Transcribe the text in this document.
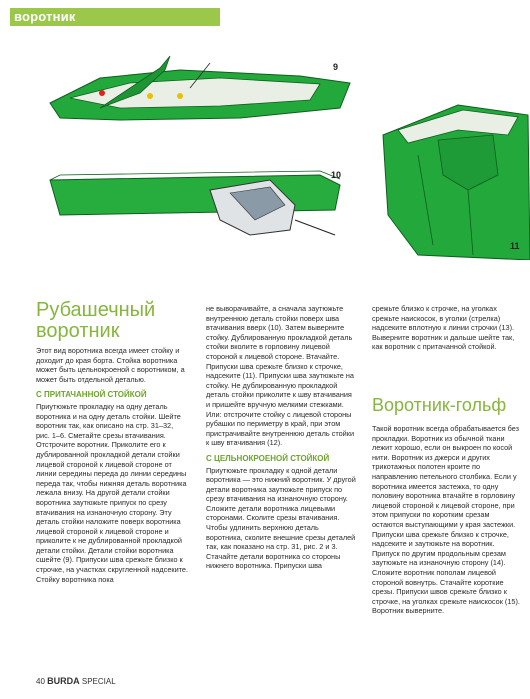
воротник
9
10
11
Рубашечный
воротник

Этот вид воротника всегда имеет стойку и доходит до края борта. Стойка воротника может быть цельнокроеной с воротником, а может быть отдельной деталью.

С ПРИТАЧАННОЙ СТОЙКОЙ

Приутюжьте прокладку на одну деталь воротника и на одну деталь стойки. Шейте воротник так, как описано на стр. 31–32, рис. 1–6. Сметайте срезы втачивания. Отстрочите воротник. Приколите его к дублированной прокладкой детали стойки лицевой стороной к лицевой стороне от линии середины переда до линии середины переда так, чтобы нижняя деталь воротника лежала внизу. На другой детали стойки воротника заутюжьте припуск по срезу втачивания на изнаночную сторону. Эту деталь стойки наложите поверх воротника лицевой стороной к лицевой стороне и приколите к не дублированной прокладкой детали стойки. Детали стойки воротника сшейте (9). Припуски шва срежьте близко к строчке, на участках скругленной надсеките. Стойку воротника пока

не выворачивайте, а сначала заутюжьте внутреннюю деталь стойки поверх шва втачивания вверх (10). Затем выверните стойку. Дублированную прокладкой деталь стойки вколите в горловину лицевой стороной к лицевой стороне. Втачайте. Припуски шва срежьте близко к строчке, надсеките (11). Припуски шва заутюжьте на стойку. Не дублированную прокладкой деталь стойки приколите к шву втачивания и пришейте вручную мелкими стежками. Или: отстрочите стойку с лицевой стороны рубашки по периметру в край, при этом пристрачивайте внутреннюю деталь стойки к шву втачивания (12).

С ЦЕЛЬНОКРОЕНОЙ СТОЙКОЙ

Приутюжьте прокладку к одной детали воротника — это нижний воротник. У другой детали воротника заутюжьте припуск по срезу втачивания на изнаночную сторону. Сложите детали воротника лицевыми сторонами. Сколите срезы втачивания. Чтобы удлинить верхнюю деталь воротника, сколите внешние срезы деталей так, как показано на стр. 31, рис. 2 и 3. Стачайте детали воротника со стороны нижнего воротника. Припуски шва

срежьте близко к строчке, на уголках срежьте наискосок, в уголки (стрелка) надсеките вплотную к линии строчки (13). Выверните воротник и дальше шейте так, как воротник с притачанной стойкой.

Воротник-гольф

Такой воротник всегда обрабатывается без прокладки. Воротник из обычной ткани лежит хорошо, если он выкроен по косой нити. Воротник из джерси и других трикотажных полотен кроите по направлению петельного столбика. Если у воротника имеется застежка, то одну половину воротника втачайте в горловину лицевой стороной к лицевой стороне, при этом припуски по коротким срезам остаются выступающими у края застежки. Припуски шва срежьте близко к строчке, надсеките и заутюжьте на воротник. Припуск по другим продольным срезам заутюжьте на изнаночную сторону (14). Сложите воротник пополам лицевой стороной вовнутрь. Стачайте короткие срезы. Припуски швов срежьте близко к строчке, на уголках срежьте наискосок (15). Воротник выверните.

40 BURDA SPECIAL
